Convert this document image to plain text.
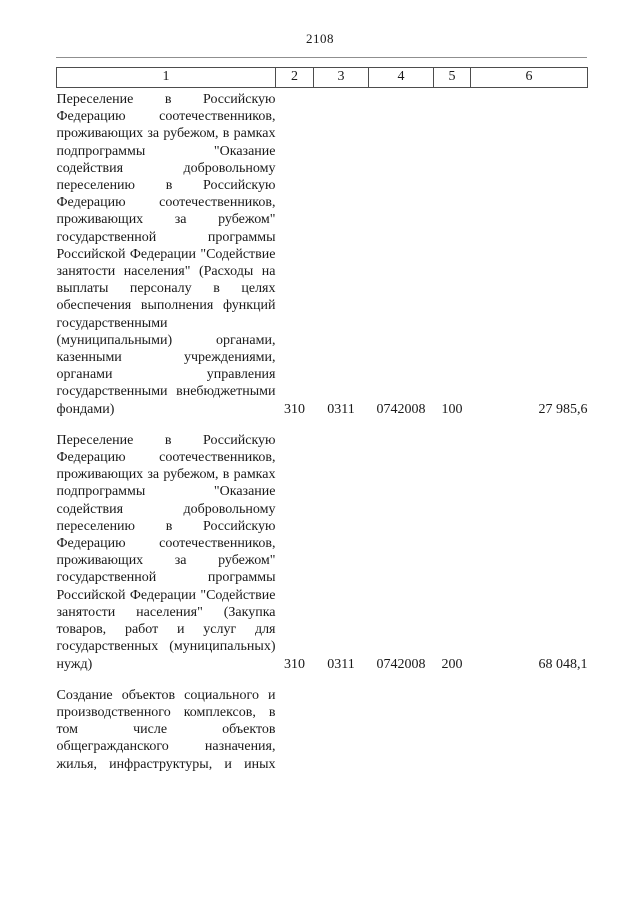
2108
1	2	3	4	5	6

Переселение в Российскую Федерацию соотечественников, проживающих за рубежом, в рамках подпрограммы "Оказание содействия добровольному переселению в Российскую Федерацию соотечественников, проживающих за рубежом" государственной программы Российской Федерации "Содействие занятости населения" (Расходы на выплаты персоналу в целях обеспечения выполнения функций государственными (муниципальными) органами, казенными учреждениями, органами управления государственными внебюджетными фондами)	310	0311	0742008	100	27 985,6

Переселение в Российскую Федерацию соотечественников, проживающих за рубежом, в рамках подпрограммы "Оказание содействия добровольному переселению в Российскую Федерацию соотечественников, проживающих за рубежом" государственной программы Российской Федерации "Содействие занятости населения" (Закупка товаров, работ и услуг для государственных (муниципальных) нужд)	310	0311	0742008	200	68 048,1

Создание объектов социального и производственного комплексов, в том числе объектов общегражданского назначения, жилья, инфраструктуры, и иных					
